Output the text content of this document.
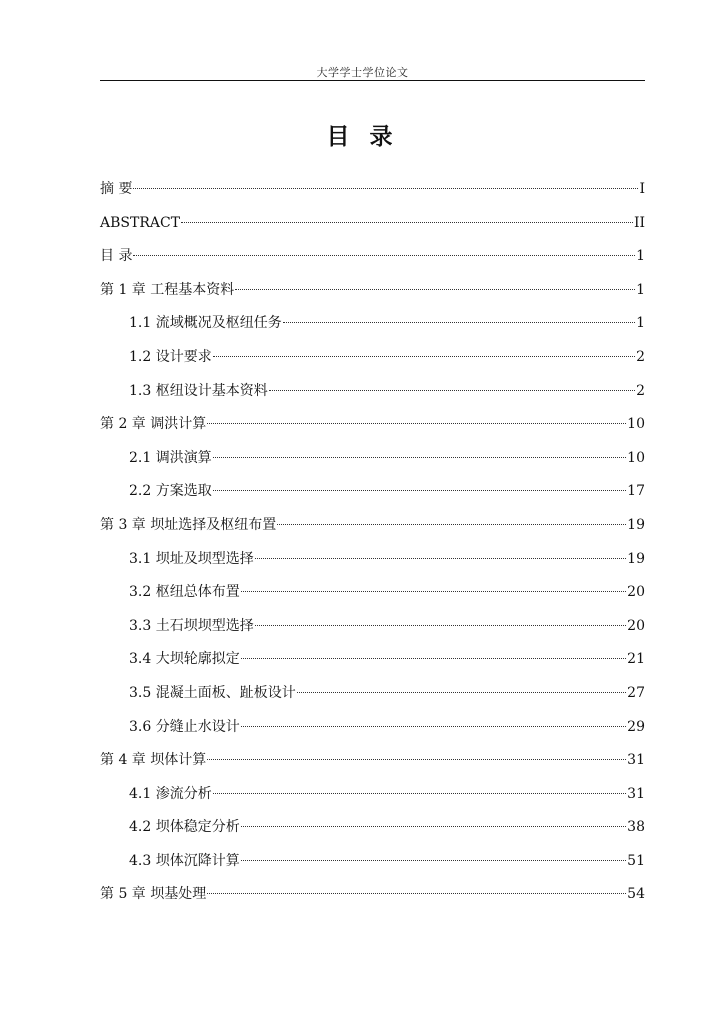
大学学士学位论文
目 录
摘 要	I
ABSTRACT	II
目 录	1
第 1 章 工程基本资料	1
1.1 流域概况及枢纽任务	1
1.2 设计要求	2
1.3 枢纽设计基本资料	2
第 2 章 调洪计算	10
2.1 调洪演算	10
2.2 方案选取	17
第 3 章 坝址选择及枢纽布置	19
3.1 坝址及坝型选择	19
3.2 枢纽总体布置	20
3.3 土石坝坝型选择	20
3.4 大坝轮廓拟定	21
3.5 混凝土面板、趾板设计	27
3.6 分缝止水设计	29
第 4 章 坝体计算	31
4.1 渗流分析	31
4.2 坝体稳定分析	38
4.3 坝体沉降计算	51
第 5 章 坝基处理	54
